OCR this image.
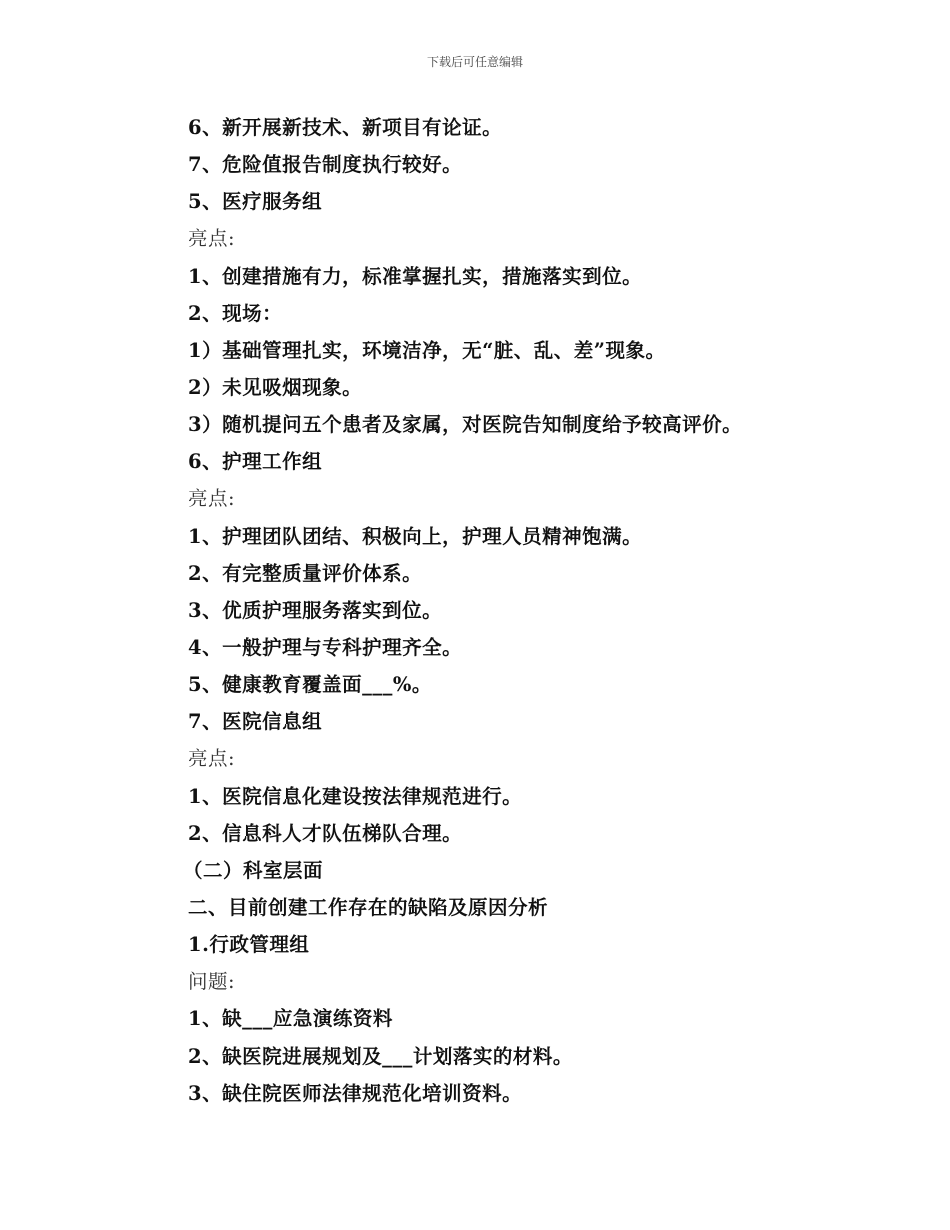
下载后可任意编辑
6、新开展新技术、新项目有论证。
7、危险值报告制度执行较好。
5、医疗服务组
亮点:
1、创建措施有力，标准掌握扎实，措施落实到位。
2、现场：
1）基础管理扎实，环境洁净，无“脏、乱、差”现象。
2）未见吸烟现象。
3）随机提问五个患者及家属，对医院告知制度给予较高评价。
6、护理工作组
亮点:
1、护理团队团结、积极向上，护理人员精神饱满。
2、有完整质量评价体系。
3、优质护理服务落实到位。
4、一般护理与专科护理齐全。
5、健康教育覆盖面___%。
7、医院信息组
亮点:
1、医院信息化建设按法律规范进行。
2、信息科人才队伍梯队合理。
（二）科室层面
二、目前创建工作存在的缺陷及原因分析
1.行政管理组
问题:
1、缺___应急演练资料
2、缺医院进展规划及___计划落实的材料。
3、缺住院医师法律规范化培训资料。
